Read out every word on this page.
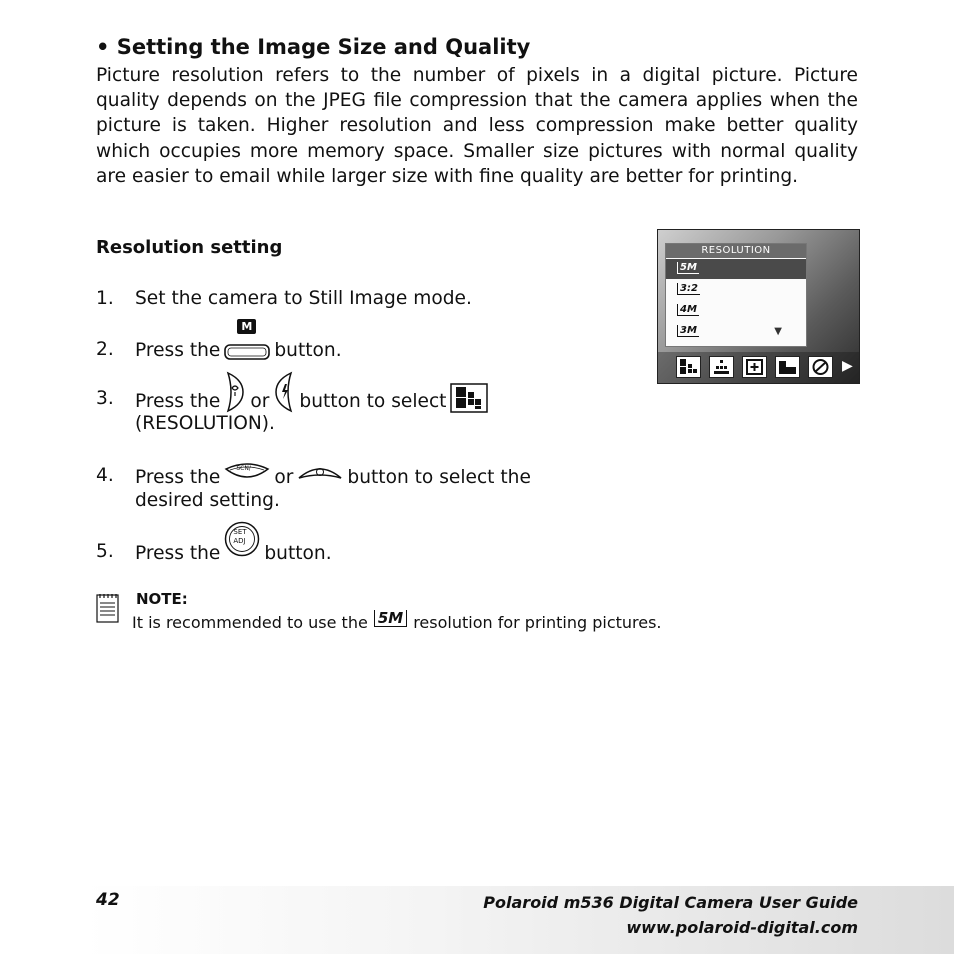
• Setting the Image Size and Quality
Picture resolution refers to the number of pixels in a digital picture. Picture quality depends on the JPEG file compression that the camera applies when the picture is taken. Higher resolution and less compression make better quality which occupies more memory space. Smaller size pictures with normal quality are easier to email while larger size with fine quality are better for printing.
Resolution setting
1. Set the camera to Still Image mode.
2. Press the
M
button.
3. Press the or button to select
(RESOLUTION).
4. Press the	SCN/ or	button to select the
desired setting.
5. Press the
SET
ADJ
button.
NOTE:
It is recommended to use the 5M resolution for printing pictures.
RESOLUTION
5M
3:2
4M
3M	▼
▶
42	Polaroid m536 Digital Camera User Guide
www.polaroid-digital.com
